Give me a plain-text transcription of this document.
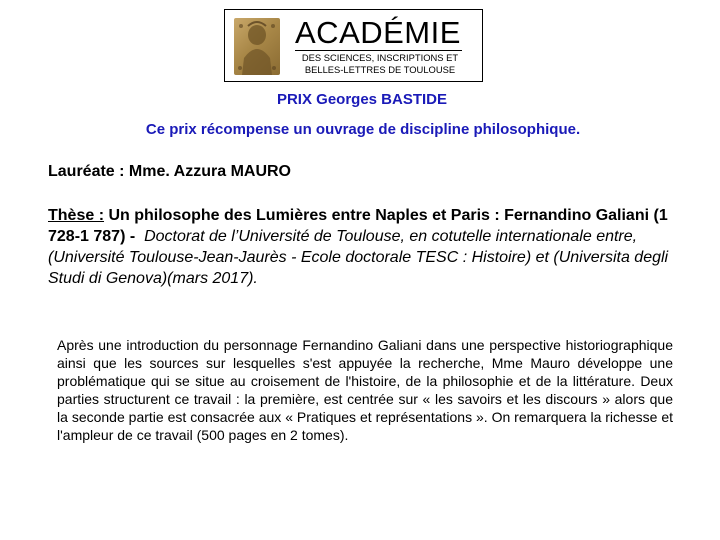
ACADÉMIE
DES SCIENCES, INSCRIPTIONS ET
BELLES-LETTRES DE TOULOUSE
PRIX Georges BASTIDE
Ce prix récompense un ouvrage de discipline philosophique.
Lauréate : Mme. Azzura MAURO
Thèse : Un philosophe des Lumières entre Naples et Paris : Fernandino Galiani (1 728-1 787) - Doctorat de l’Université de Toulouse, en cotutelle internationale entre, (Université Toulouse-Jean-Jaurès - Ecole doctorale TESC : Histoire) et (Universita degli Studi di Genova)(mars 2017).
Après une introduction du personnage Fernandino Galiani dans une perspective historiographique ainsi que les sources sur lesquelles s'est appuyée la recherche, Mme Mauro développe une problématique qui se situe au croisement de l'histoire, de la philosophie et de la littérature. Deux parties structurent ce travail : la première, est centrée sur « les savoirs et les discours » alors que la seconde partie est consacrée aux « Pratiques et représentations ». On remarquera la richesse et l'ampleur de ce travail (500 pages en 2 tomes).
